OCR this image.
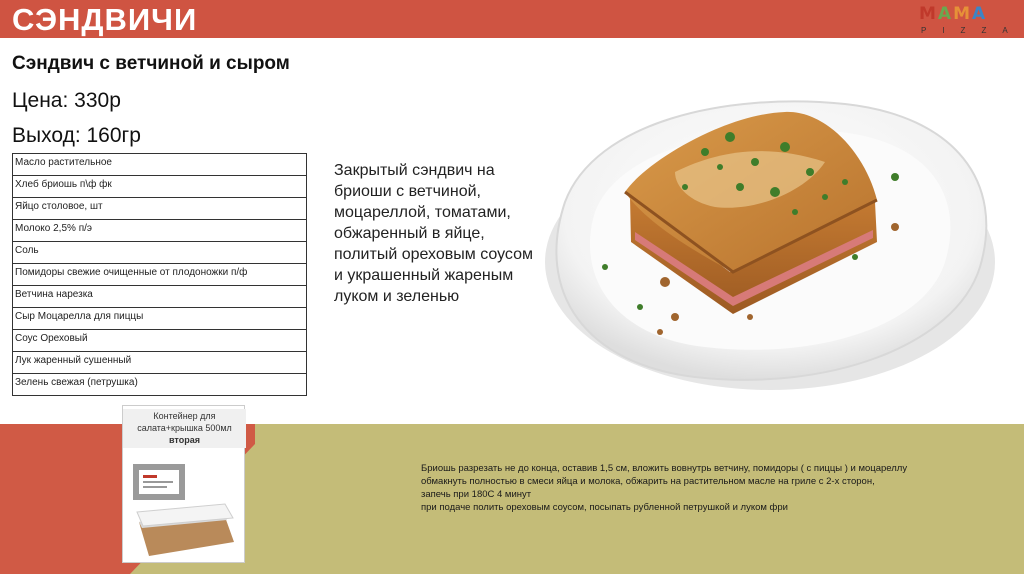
СЭНДВИЧИ	MAMA
PIZZA
Сэндвич с ветчиной и сыром
Цена: 330р
Выход: 160гр
Масло растительное
Хлеб бриошь п\ф фк
Яйцо столовое, шт
Молоко 2,5% п/э
Соль
Помидоры свежие очищенные от плодоножки п/ф
Ветчина нарезка
Сыр Моцарелла для пиццы
Соус Ореховый
Лук жаренный сушенный
Зелень свежая (петрушка)
Закрытый сэндвич на бриоши с ветчиной, моцареллой, томатами, обжаренный в яйце, политый ореховым соусом и украшенный жареным луком и зеленью
Контейнер для
салата+крышка 500мл
вторая
Бриошь разрезать не до конца, оставив 1,5 см, вложить вовнутрь ветчину, помидоры ( с пиццы ) и моцареллу
обмакнуть полностью в смеси яйца и молока, обжарить на растительном масле на гриле с 2-х сторон,
запечь при 180С 4 минут
при подаче полить ореховым соусом, посыпать рубленной петрушкой и луком фри
